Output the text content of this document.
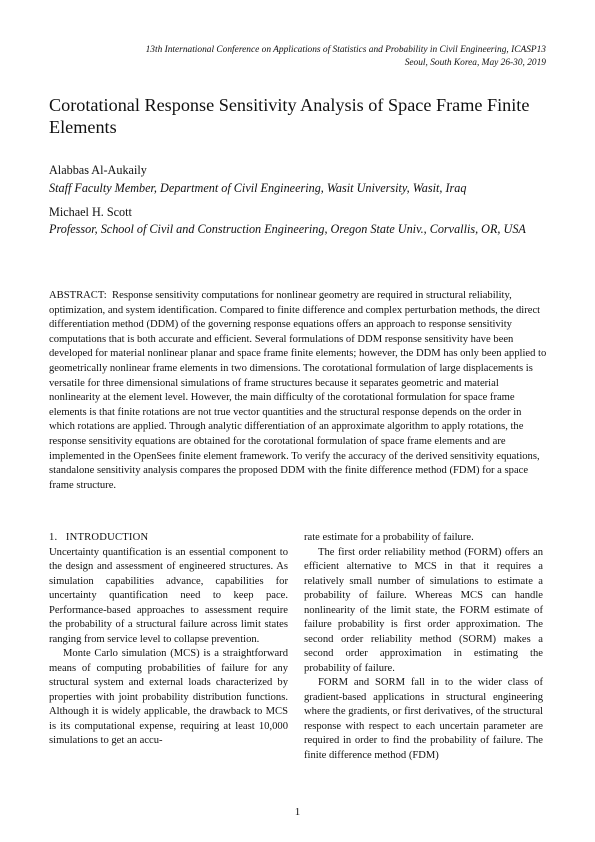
13th International Conference on Applications of Statistics and Probability in Civil Engineering, ICASP13
Seoul, South Korea, May 26-30, 2019
Corotational Response Sensitivity Analysis of Space Frame Finite Elements
Alabbas Al-Aukaily
Staff Faculty Member, Department of Civil Engineering, Wasit University, Wasit, Iraq
Michael H. Scott
Professor, School of Civil and Construction Engineering, Oregon State Univ., Corvallis, OR, USA
ABSTRACT: Response sensitivity computations for nonlinear geometry are required in structural reliability, optimization, and system identification. Compared to finite difference and complex perturbation methods, the direct differentiation method (DDM) of the governing response equations offers an approach to response sensitivity computations that is both accurate and efficient. Several formulations of DDM response sensitivity have been developed for material nonlinear planar and space frame finite elements; however, the DDM has only been applied to geometrically nonlinear frame elements in two dimensions. The corotational formulation of large displacements is versatile for three dimensional simulations of frame structures because it separates geometric and material nonlinearity at the element level. However, the main difficulty of the corotational formulation for space frame elements is that finite rotations are not true vector quantities and the structural response depends on the order in which rotations are applied. Through analytic differentiation of an approximate algorithm to apply rotations, the response sensitivity equations are obtained for the corotational formulation of space frame elements and are implemented in the OpenSees finite element framework. To verify the accuracy of the derived sensitivity equations, standalone sensitivity analysis compares the proposed DDM with the finite difference method (FDM) for a space frame structure.
1. INTRODUCTION

Uncertainty quantification is an essential component to the design and assessment of engineered structures. As simulation capabilities advance, capabilities for uncertainty quantification need to keep pace. Performance-based approaches to assessment require the probability of a structural failure across limit states ranging from service level to collapse prevention.

Monte Carlo simulation (MCS) is a straightforward means of computing probabilities of failure for any structural system and external loads characterized by properties with joint probability distribution functions. Although it is widely applicable, the drawback to MCS is its computational expense, requiring at least 10,000 simulations to get an accu-

rate estimate for a probability of failure.

The first order reliability method (FORM) offers an efficient alternative to MCS in that it requires a relatively small number of simulations to estimate a probability of failure. Whereas MCS can handle nonlinearity of the limit state, the FORM estimate of failure probability is first order approximation. The second order reliability method (SORM) makes a second order approximation in estimating the probability of failure.

FORM and SORM fall in to the wider class of gradient-based applications in structural engineering where the gradients, or first derivatives, of the structural response with respect to each uncertain parameter are required in order to find the probability of failure. The finite difference method (FDM)

1
